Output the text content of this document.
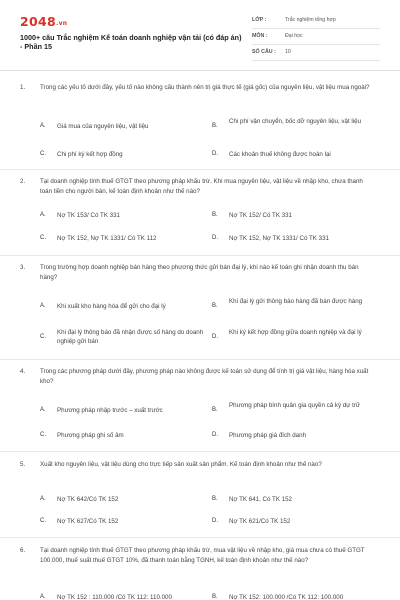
2048.vn
1000+ câu Trắc nghiệm Kế toán doanh nghiệp vận tải (có đáp án) - Phần 15
LỚP :	Trắc nghiệm tổng hợp
MÔN :	Đại học
SỐ CÂU : 10
1. Trong các yếu tố dưới đây, yếu tố nào không cấu thành nên trị giá thực tế (giá gốc) của nguyên liệu, vật liệu mua ngoài?
A. Giá mua của nguyên liệu, vật liệu	B.
Chi phí vận chuyển, bốc dỡ nguyên liệu, vật liệu
C. Chi phí ký kết hợp đồng	D. Các khoản thuế không được hoàn lại
2. Tại doanh nghiệp tính thuế GTGT theo phương pháp khấu trừ. Khi mua nguyên liệu, vật liệu về nhập kho, chưa thanh toán tiền cho người bán, kế toán định khoản như thế nào?
A. Nợ TK 153/ Có TK 331	B. Nợ TK 152/ Có TK 331
C. Nợ TK 152, Nợ TK 1331/ Có TK 112	D. Nợ TK 152, Nợ TK 1331/ Có TK 331
3. Trong trường hợp doanh nghiệp bán hàng theo phương thức gửi bán đại lý, khi nào kế toán ghi nhận doanh thu bán hàng?
A. Khi xuất kho hàng hóa để gửi cho đại lý	B.
Khi đại lý gửi thông báo hàng đã bán được hàng
C.
Khi đại lý thông báo đã nhận được số hàng do doanh nghiệp gửi bán
D.
Khi ký kết hợp đồng giữa doanh nghiệp và đại lý
4. Trong các phương pháp dưới đây, phương pháp nào không được kế toán sử dụng để tính trị giá vật liệu, hàng hóa xuất kho?
A. Phương pháp nhập trước – xuất trước	B.
Phương pháp bình quân gia quyền cả kỳ dự trữ
C. Phương pháp ghi số âm	D. Phương pháp giá đích danh
5. Xuất kho nguyên liệu, vật liệu dùng cho trực tiếp sản xuất sản phẩm. Kế toán định khoản như thế nào?
A. Nợ TK 642/Có TK 152	B. Nợ TK 641, Có TK 152
C. Nợ TK 627/Có TK 152	D. Nợ TK 621/Có TK 152
6. Tại doanh nghiệp tính thuế GTGT theo phương pháp khấu trừ, mua vật liệu về nhập kho, giá mua chưa có thuế GTGT 100.000, thuế suất thuế GTGT 10%, đã thanh toán bằng TGNH, kế toán định khoản như thế nào?
A. Nợ TK 152 : 110.000 /Có TK 112: 110.000	B. Nợ TK 152: 100.000 /Có TK 112: 100.000
